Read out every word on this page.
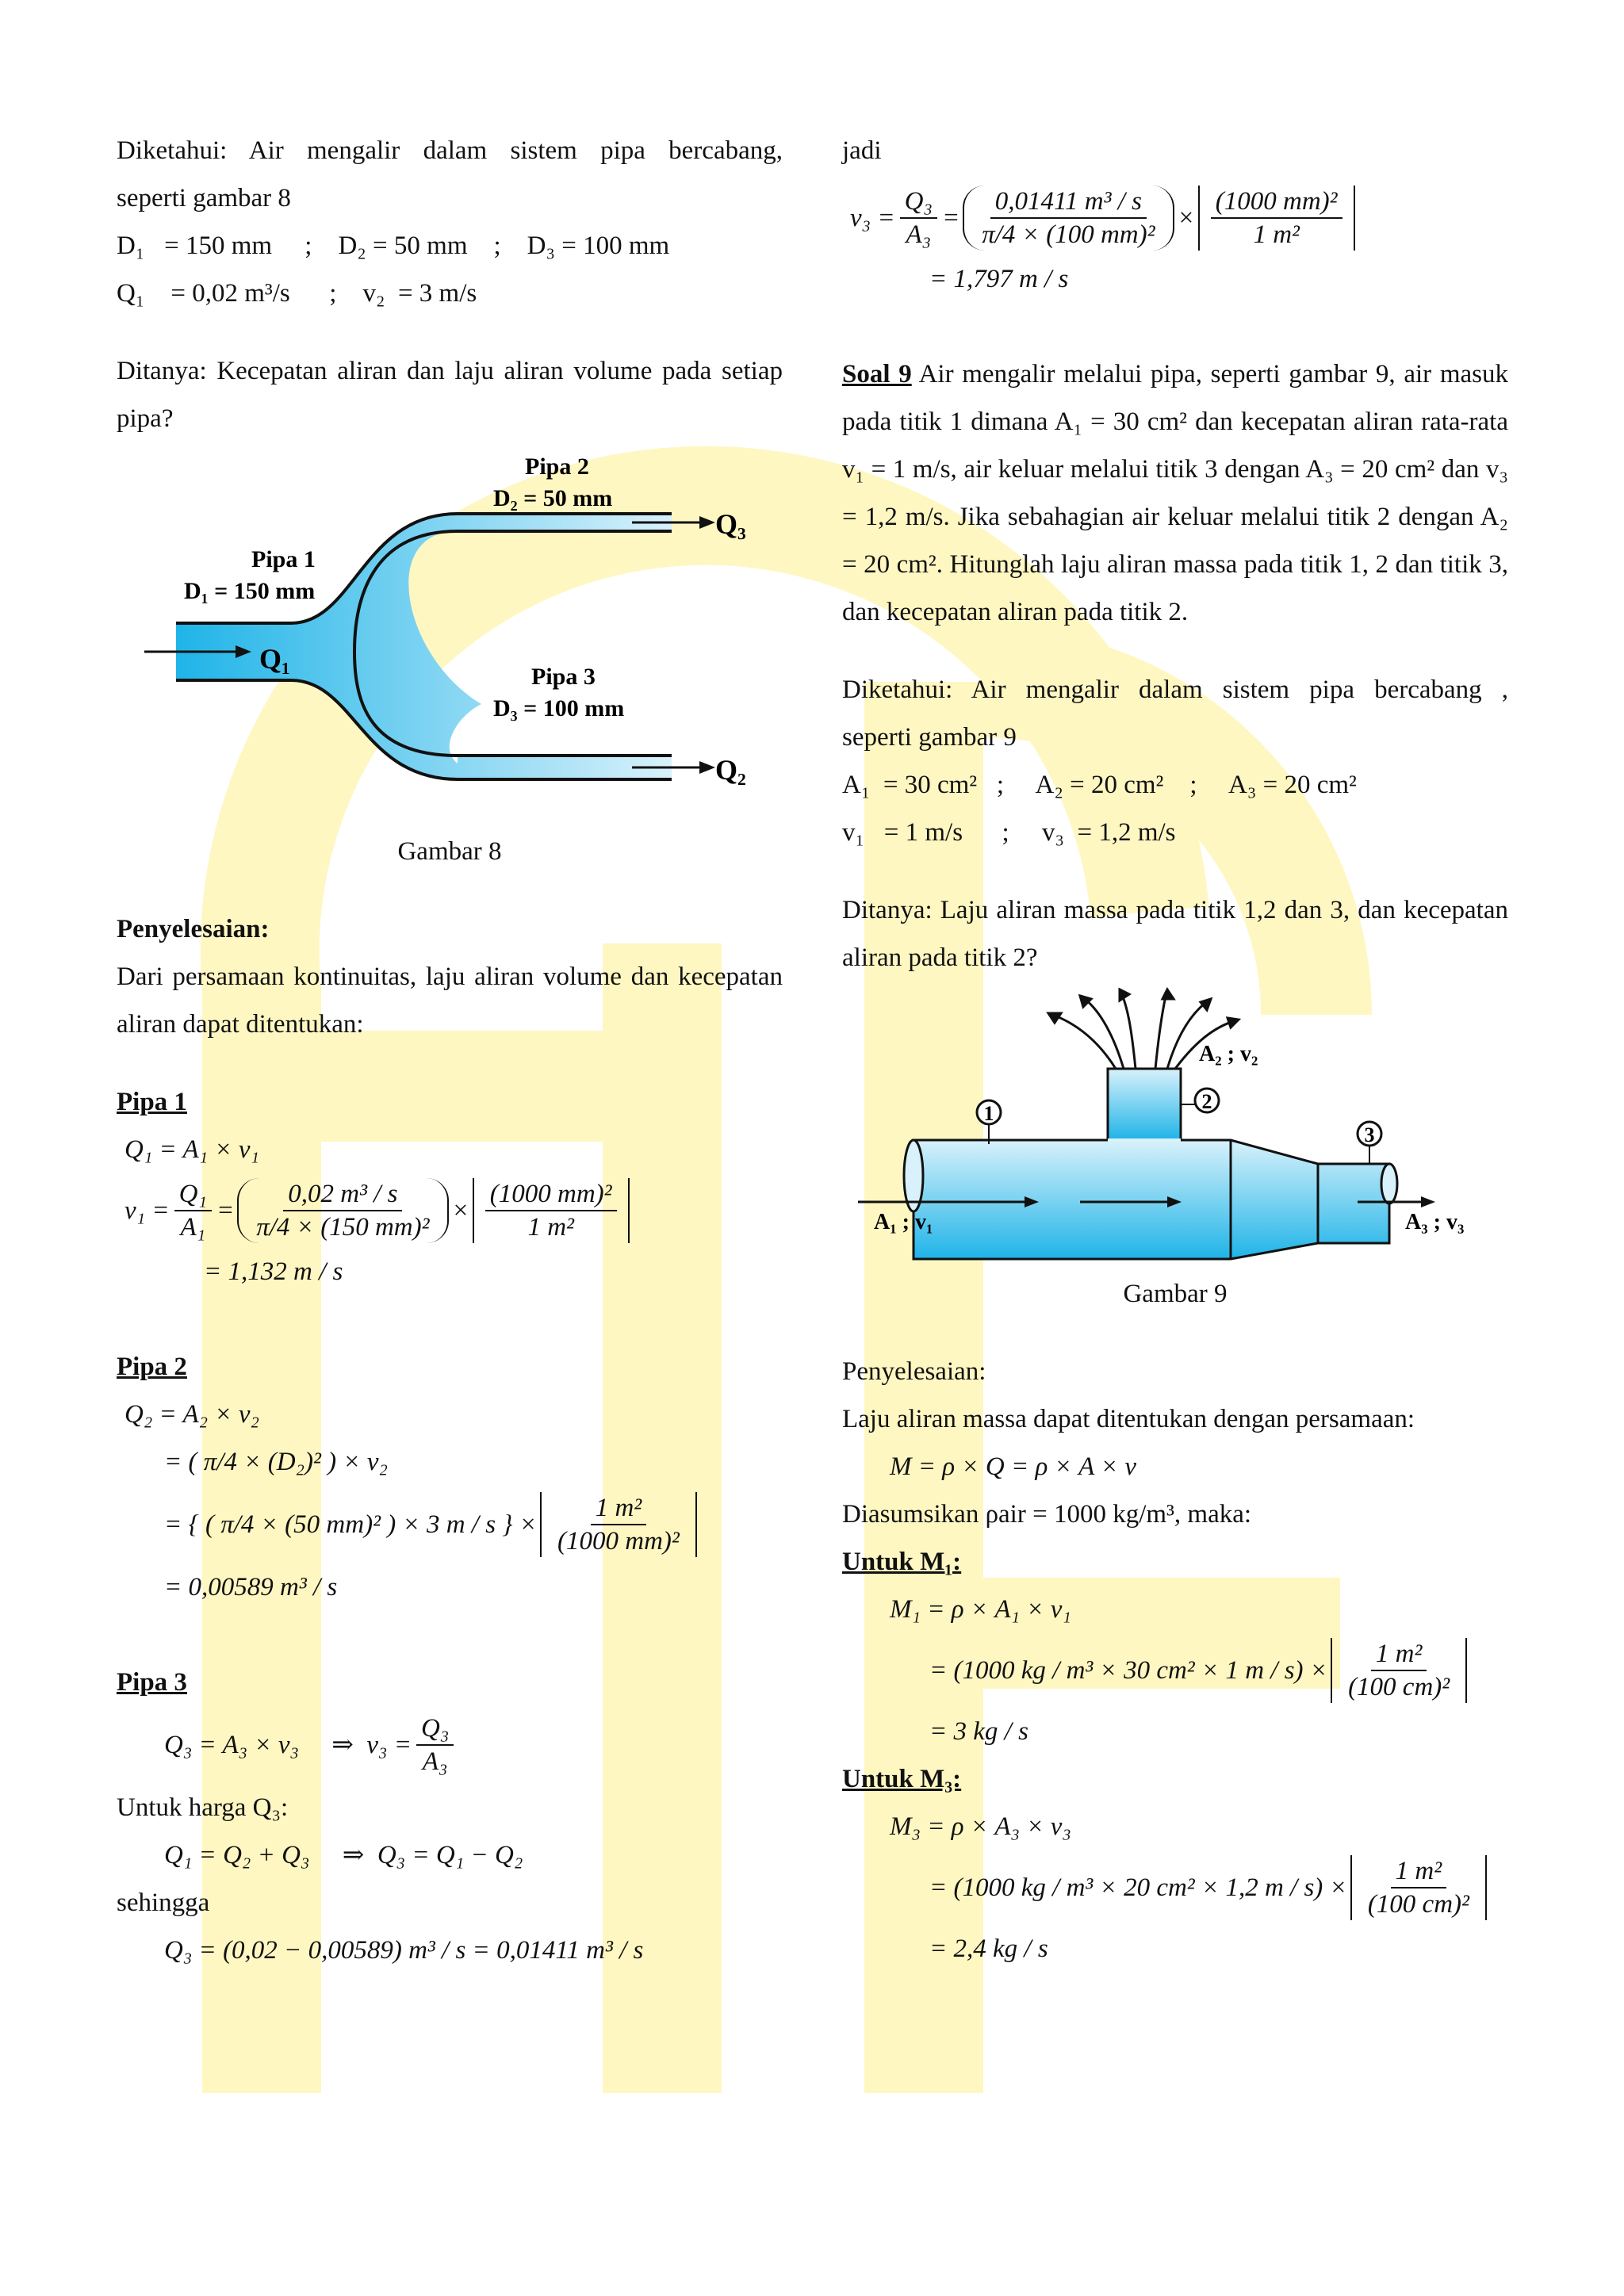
Diketahui: Air mengalir dalam sistem pipa bercabang,

seperti gambar 8

D₁   = 150 mm     ;    D₂ = 50 mm    ;    D₃ = 100 mm

Q₁    = 0,02 m³/s      ;    v₂  = 3 m/s

Ditanya: Kecepatan aliran dan laju aliran volume pada setiap pipa?

Pipa 1
D₁ = 150 mm
Q₁
Pipa 2
D₂ = 50 mm
Q₃
Pipa 3
D₃ = 100 mm
Q₂

Gambar 8

Penyelesaian:

Dari persamaan kontinuitas, laju aliran volume dan kecepatan aliran dapat ditentukan:

Pipa 1

Q₁ = A₁ × v₁

$v_1 = \frac{\text{Q₁}}{\text{A₁}} = \frac{\text{0,02 m³ / s}}{\text{π/4 × (150 mm)²}} \times \frac{\text{(1000 mm)²}}{\text{1 m²}}$

= 1,132 m / s

Pipa 2

Q₂ = A₂ × v₂

= ( π/4 × (D₂)² ) × v₂

= { ( π/4 × (50 mm)² ) × 3 m / s } × $\frac{\text{1 m²}}{\text{(1000 mm)²}}$

= 0,00589 m³ / s

Pipa 3

Q₃ = A₃ × v₃     ⇒  $v_3 = \frac{\text{Q₃}}{\text{A₃}}$

Untuk harga Q₃:

Q₁ = Q₂ + Q₃     ⇒  Q₃ = Q₁ − Q₂

sehingga

Q₃ = (0,02 − 0,00589) m³ / s = 0,01411 m³ / s

jadi

$v_3 = \frac{\text{Q₃}}{\text{A₃}} = \frac{\text{0,01411 m³ / s}}{\text{π/4 × (100 mm)²}} \times \frac{\text{(1000 mm)²}}{\text{1 m²}}$

= 1,797 m / s

Soal 9 Air mengalir melalui pipa, seperti gambar 9, air masuk pada titik 1 dimana A₁ = 30 cm² dan kecepatan aliran rata-rata v₁ = 1 m/s, air keluar melalui titik 3 dengan A₃ = 20 cm² dan v₃ = 1,2 m/s. Jika sebahagian air keluar melalui titik 2 dengan A₂ = 20 cm². Hitunglah laju aliran massa pada titik 1, 2 dan titik 3, dan kecepatan aliran pada titik 2.

Diketahui: Air mengalir dalam sistem pipa bercabang ,

seperti gambar 9

A₁  = 30 cm²   ;     A₂ = 20 cm²    ;     A₃ = 20 cm²

v₁   = 1 m/s      ;     v₃  = 1,2 m/s

Ditanya: Laju aliran massa pada titik 1,2 dan 3, dan kecepatan aliran pada titik 2?

1
2
3
A₂ ; v₂
A₁ ; v₁	A₃ ; v₃

Gambar 9

Penyelesaian:

Laju aliran massa dapat ditentukan dengan persamaan:

M = ρ × Q = ρ × A × v

Diasumsikan ρair = 1000 kg/m³, maka:

Untuk M₁:

M₁ = ρ × A₁ × v₁

= (1000 kg / m³ × 30 cm² × 1 $m / s) \times \frac{\text{1 m²}}{\text{(100 cm)²}}$

= 3 kg / s

Untuk M₃:

M₃ = ρ × A₃ × v₃

= (1000 kg / m³ × 20 cm² × 1,2 $m / s) \times \frac{\text{1 m²}}{\text{(100 cm)²}}$

= 2,4 kg / s
